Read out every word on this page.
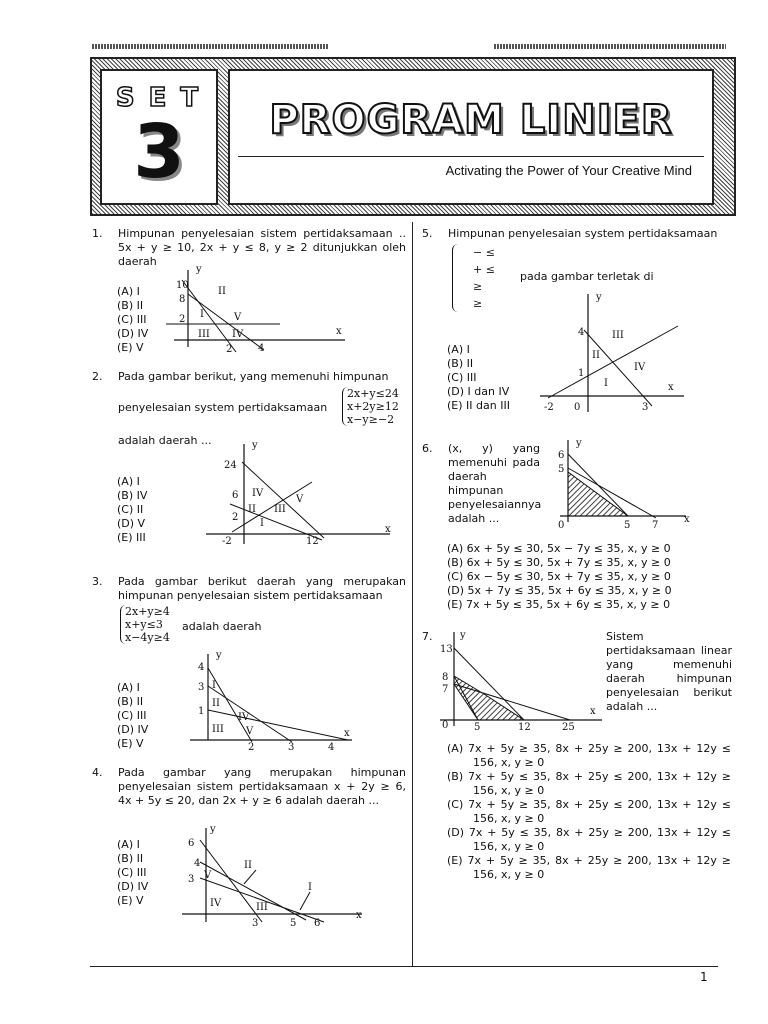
SET
3	PROGRAM LINIER
Activating the Power of Your Creative Mind
1. Himpunan penyelesaian sistem pertidaksamaan .. 5x + y ≥ 10, 2x + y ≤ 8, y ≥ 2 ditunjukkan oleh daerah
(A) I
(B) II
(C) III
(D) IV
(E) V
y
x
10
8
2
2	4
I
II
III IV
V
2. Pada gambar berikut, yang memenuhi himpunan
penyelesaian system pertidaksamaan
2x+y≤24
x+2y≥12
x−y≥−2
adalah daerah ...
(A) I
(B) IV
(C) II
(D) V
(E) III
y
x
24
6
2
-2	12
I
II III
IV
V
3. Pada gambar berikut daerah yang merupakan himpunan penyelesaian sistem pertidaksamaan
2x+y≥4
x+y≤3
x−4y≥4
adalah daerah
(A) I
(B) II
(C) III
(D) IV
(E) V
y
x
4
3
1
2	3	4
I
II
III
IV
V
4. Pada gambar yang merupakan himpunan penyelesaian sistem pertidaksamaan x + 2y ≥ 6, 4x + 5y ≤ 20, dan 2x + y ≥ 6 adalah daerah ...
(A) I
(B) II
(C) III
(D) IV
(E) V
y
x
6
4
3
3	5 6
I
II
III
IV
V
5. Himpunan penyelesaian system pertidaksamaan
− ≤
+ ≤
≥
≥
pada gambar terletak di
(A) I
(B) II
(C) III
(D) I dan IV
(E) II dan III
y
x
4
1
-2 0	3
I
II
III
IV
6. (x, y) yang memenuhi pada daerah himpunan penyelesaiannya adalah ...
y
x
6
5
0	5 7
(A) 6x + 5y ≤ 30, 5x − 7y ≤ 35, x, y ≥ 0
(B) 6x + 5y ≤ 30, 5x + 7y ≤ 35, x, y ≥ 0
(C) 6x − 5y ≤ 30, 5x + 7y ≤ 35, x, y ≥ 0
(D) 5x + 7y ≤ 35, 5x + 6y ≤ 35, x, y ≥ 0
(E) 7x + 5y ≤ 35, 5x + 6y ≤ 35, x, y ≥ 0
7.	Sistem pertidaksamaan linear yang memenuhi daerah himpunan penyelesaian berikut adalah ...
y
x
13
8
7
0	5	12	25
(A) 7x + 5y ≥ 35, 8x + 25y ≥ 200, 13x + 12y ≤ 156, x, y ≥ 0
(B) 7x + 5y ≤ 35, 8x + 25y ≤ 200, 13x + 12y ≥ 156, x, y ≥ 0
(C) 7x + 5y ≥ 35, 8x + 25y ≤ 200, 13x + 12y ≤ 156, x, y ≥ 0
(D) 7x + 5y ≤ 35, 8x + 25y ≥ 200, 13x + 12y ≤ 156, x, y ≥ 0
(E) 7x + 5y ≥ 35, 8x + 25y ≥ 200, 13x + 12y ≥ 156, x, y ≥ 0
1
